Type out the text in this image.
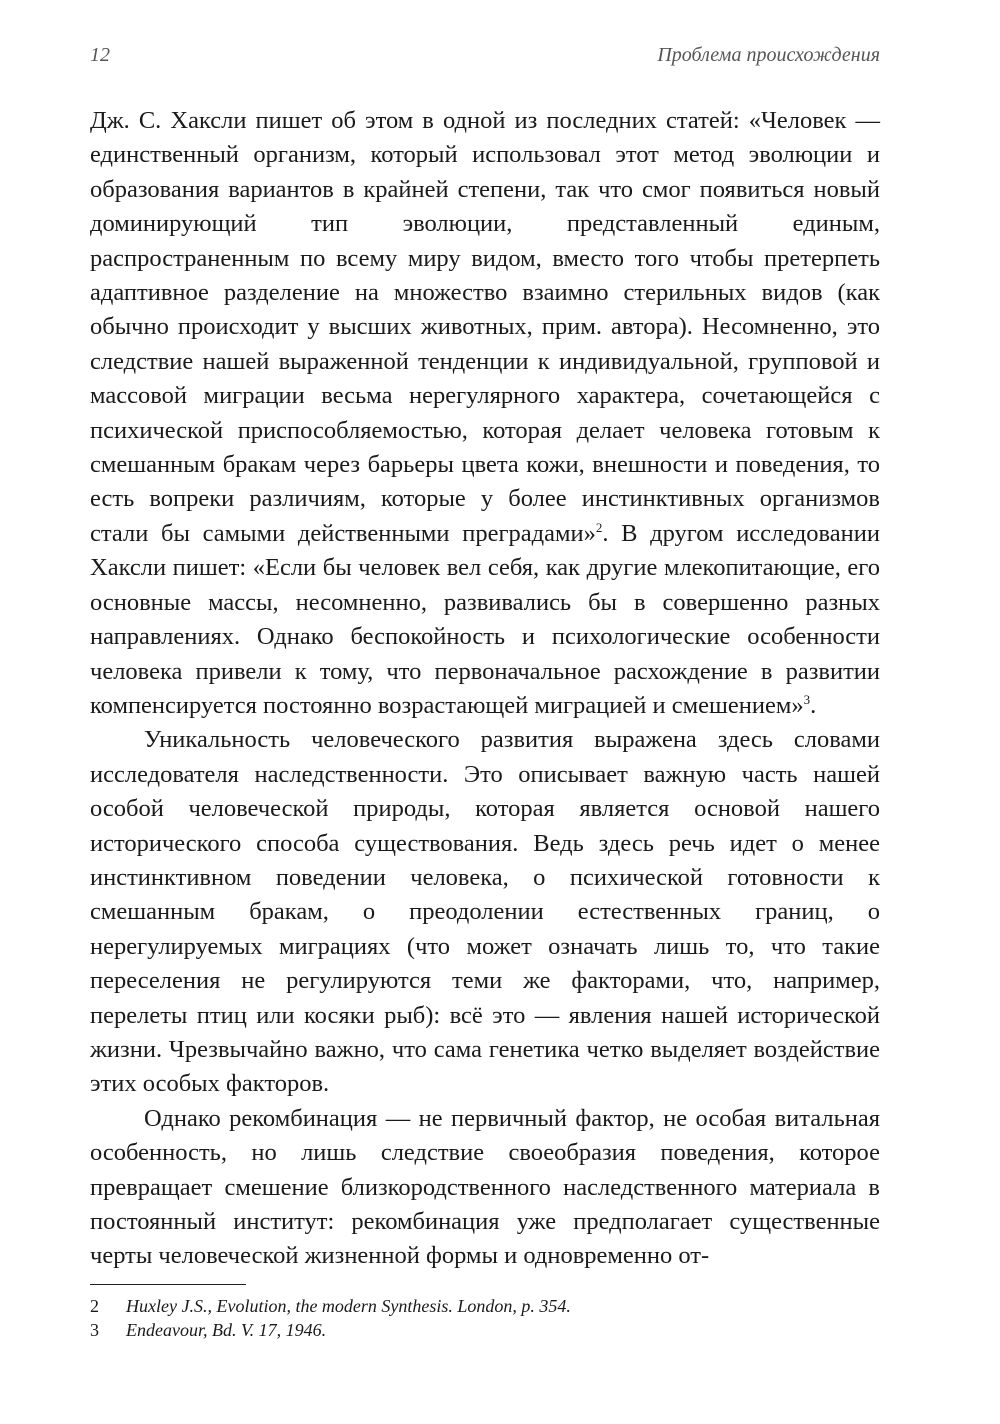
12	Проблема происхождения

Дж. С. Хаксли пишет об этом в одной из последних статей: «Человек — единственный организм, который использовал этот метод эволюции и образования вариантов в крайней степени, так что смог появиться новый доминирующий тип эволюции, представленный единым, распространенным по всему миру видом, вместо того чтобы претерпеть адаптивное разделение на множество взаимно стерильных видов (как обычно происходит у высших животных, прим. автора). Несомненно, это следствие нашей выраженной тенденции к индивидуальной, групповой и массовой миграции весьма нерегулярного характера, сочетающейся с психической приспособляемостью, которая делает человека готовым к смешанным бракам через барьеры цвета кожи, внешности и поведения, то есть вопреки различиям, которые у более инстинктивных организмов стали бы самыми действенными преградами»$^2$. В другом исследовании Хаксли пишет: «Если бы человек вел себя, как другие млекопитающие, его основные массы, несомненно, развивались бы в совершенно разных направлениях. Однако беспокойность и психологические особенности человека привели к тому, что первоначальное расхождение в развитии компенсируется постоянно возрастающей миграцией и смешением»$^3$.

Уникальность человеческого развития выражена здесь словами исследователя наследственности. Это описывает важную часть нашей особой человеческой природы, которая является основой нашего исторического способа существования. Ведь здесь речь идет о менее инстинктивном поведении человека, о психической готовности к смешанным бракам, о преодолении естественных границ, о нерегулируемых миграциях (что может означать лишь то, что такие переселения не регулируются теми же факторами, что, например, перелеты птиц или косяки рыб): всё это — явления нашей исторической жизни. Чрезвычайно важно, что сама генетика четко выделяет воздействие этих особых факторов.

Однако рекомбинация — не первичный фактор, не особая витальная особенность, но лишь следствие своеобразия поведения, которое превращает смешение близкородственного наследственного материала в постоянный институт: рекомбинация уже предполагает существенные черты человеческой жизненной формы и одновременно от-

2	Huxley J.S., Evolution, the modern Synthesis. London, p. 354.
3	Endeavour, Bd. V. 17, 1946.
